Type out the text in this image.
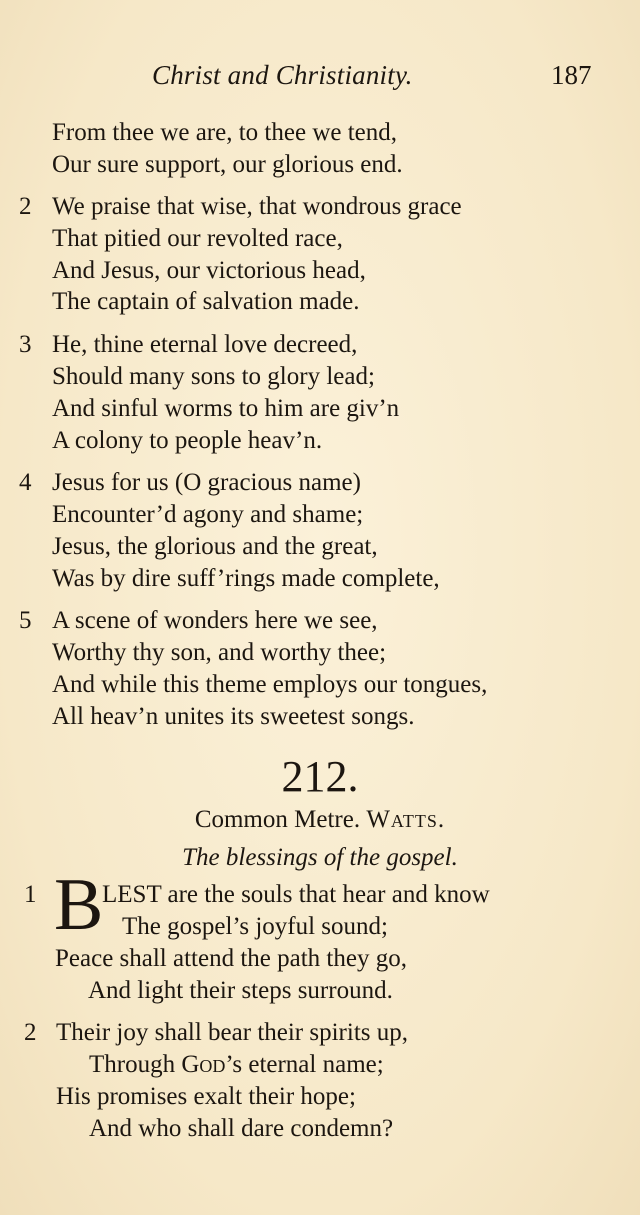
Christ and Christianity.	187
From thee we are, to thee we tend,
Our sure support, our glorious end.
2 We praise that wise, that wondrous grace
That pitied our revolted race,
And Jesus, our victorious head,
The captain of salvation made.
3 He, thine eternal love decreed,
Should many sons to glory lead;
And sinful worms to him are giv’n
A colony to people heav’n.
4 Jesus for us (O gracious name)
Encounter’d agony and shame;
Jesus, the glorious and the great,
Was by dire suff’rings made complete,
5 A scene of wonders here we see,
Worthy thy son, and worthy thee;
And while this theme employs our tongues,
All heav’n unites its sweetest songs.
212.
Common Metre. Watts.
The blessings of the gospel.
1 B
LEST are the souls that hear and know
The gospel’s joyful sound;
Peace shall attend the path they go,
And light their steps surround.
2 Their joy shall bear their spirits up,
Through God’s eternal name;
His promises exalt their hope;
And who shall dare condemn?
